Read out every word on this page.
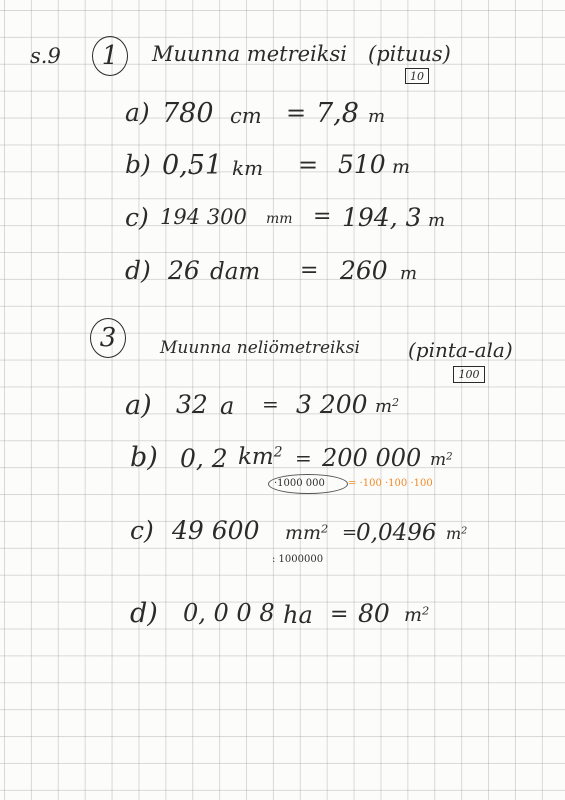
s.9 1 Muunna metreiksi (pituus)
10
a) 780 cm = 7,8 m
b) 0,51 km = 510 m
c) 194 300 mm = 194, 3 m
d) 26 dam = 260 m
3	Muunna neliömetreiksi (pinta-ala)
100
a) 32 a = 3 200 $m^2$
b) 0, 2 $km^2 = 200$ 000 $m^2$
·1000 000 = ·100 ·100 ·100
c) 49 600 $mm^2$ =
0,0496 $m^2$
: 1000000
d) 0, 0 0 8 ha = 80 $m^2$
